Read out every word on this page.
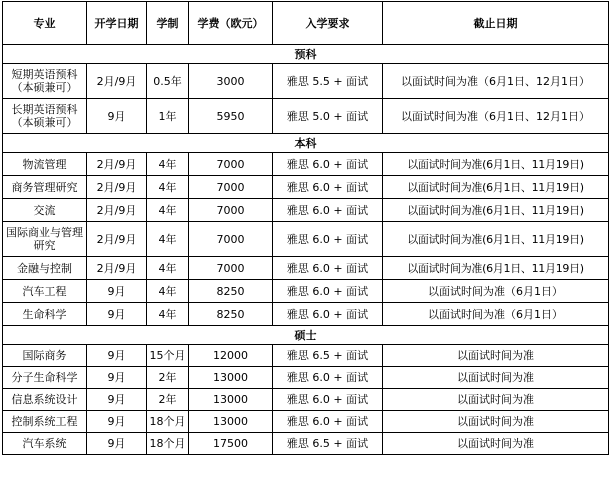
专业	开学日期	学制	学费（欧元）	入学要求	截止日期
预科					
短期英语预科（本硕兼可）	2月/9月	0.5年	3000	雅思 5.5 + 面试	以面试时间为准（6月1日、12月1日）
长期英语预科（本硕兼可）	9月	1年	5950	雅思 5.0 + 面试	以面试时间为准（6月1日、12月1日）
本科					
物流管理	2月/9月	4年	7000	雅思 6.0 + 面试	以面试时间为准(6月1日、11月19日)
商务管理研究	2月/9月	4年	7000	雅思 6.0 + 面试	以面试时间为准(6月1日、11月19日)
交流	2月/9月	4年	7000	雅思 6.0 + 面试	以面试时间为准(6月1日、11月19日)
国际商业与管理研究	2月/9月	4年	7000	雅思 6.0 + 面试	以面试时间为准(6月1日、11月19日)
金融与控制	2月/9月	4年	7000	雅思 6.0 + 面试	以面试时间为准(6月1日、11月19日)
汽车工程	9月	4年	8250	雅思 6.0 + 面试	以面试时间为准（6月1日）
生命科学	9月	4年	8250	雅思 6.0 + 面试	以面试时间为准（6月1日）
硕士					
国际商务	9月	15个月	12000	雅思 6.5 + 面试	以面试时间为准
分子生命科学	9月	2年	13000	雅思 6.0 + 面试	以面试时间为准
信息系统设计	9月	2年	13000	雅思 6.0 + 面试	以面试时间为准
控制系统工程	9月	18个月	13000	雅思 6.0 + 面试	以面试时间为准
汽车系统	9月	18个月	17500	雅思 6.5 + 面试	以面试时间为准
